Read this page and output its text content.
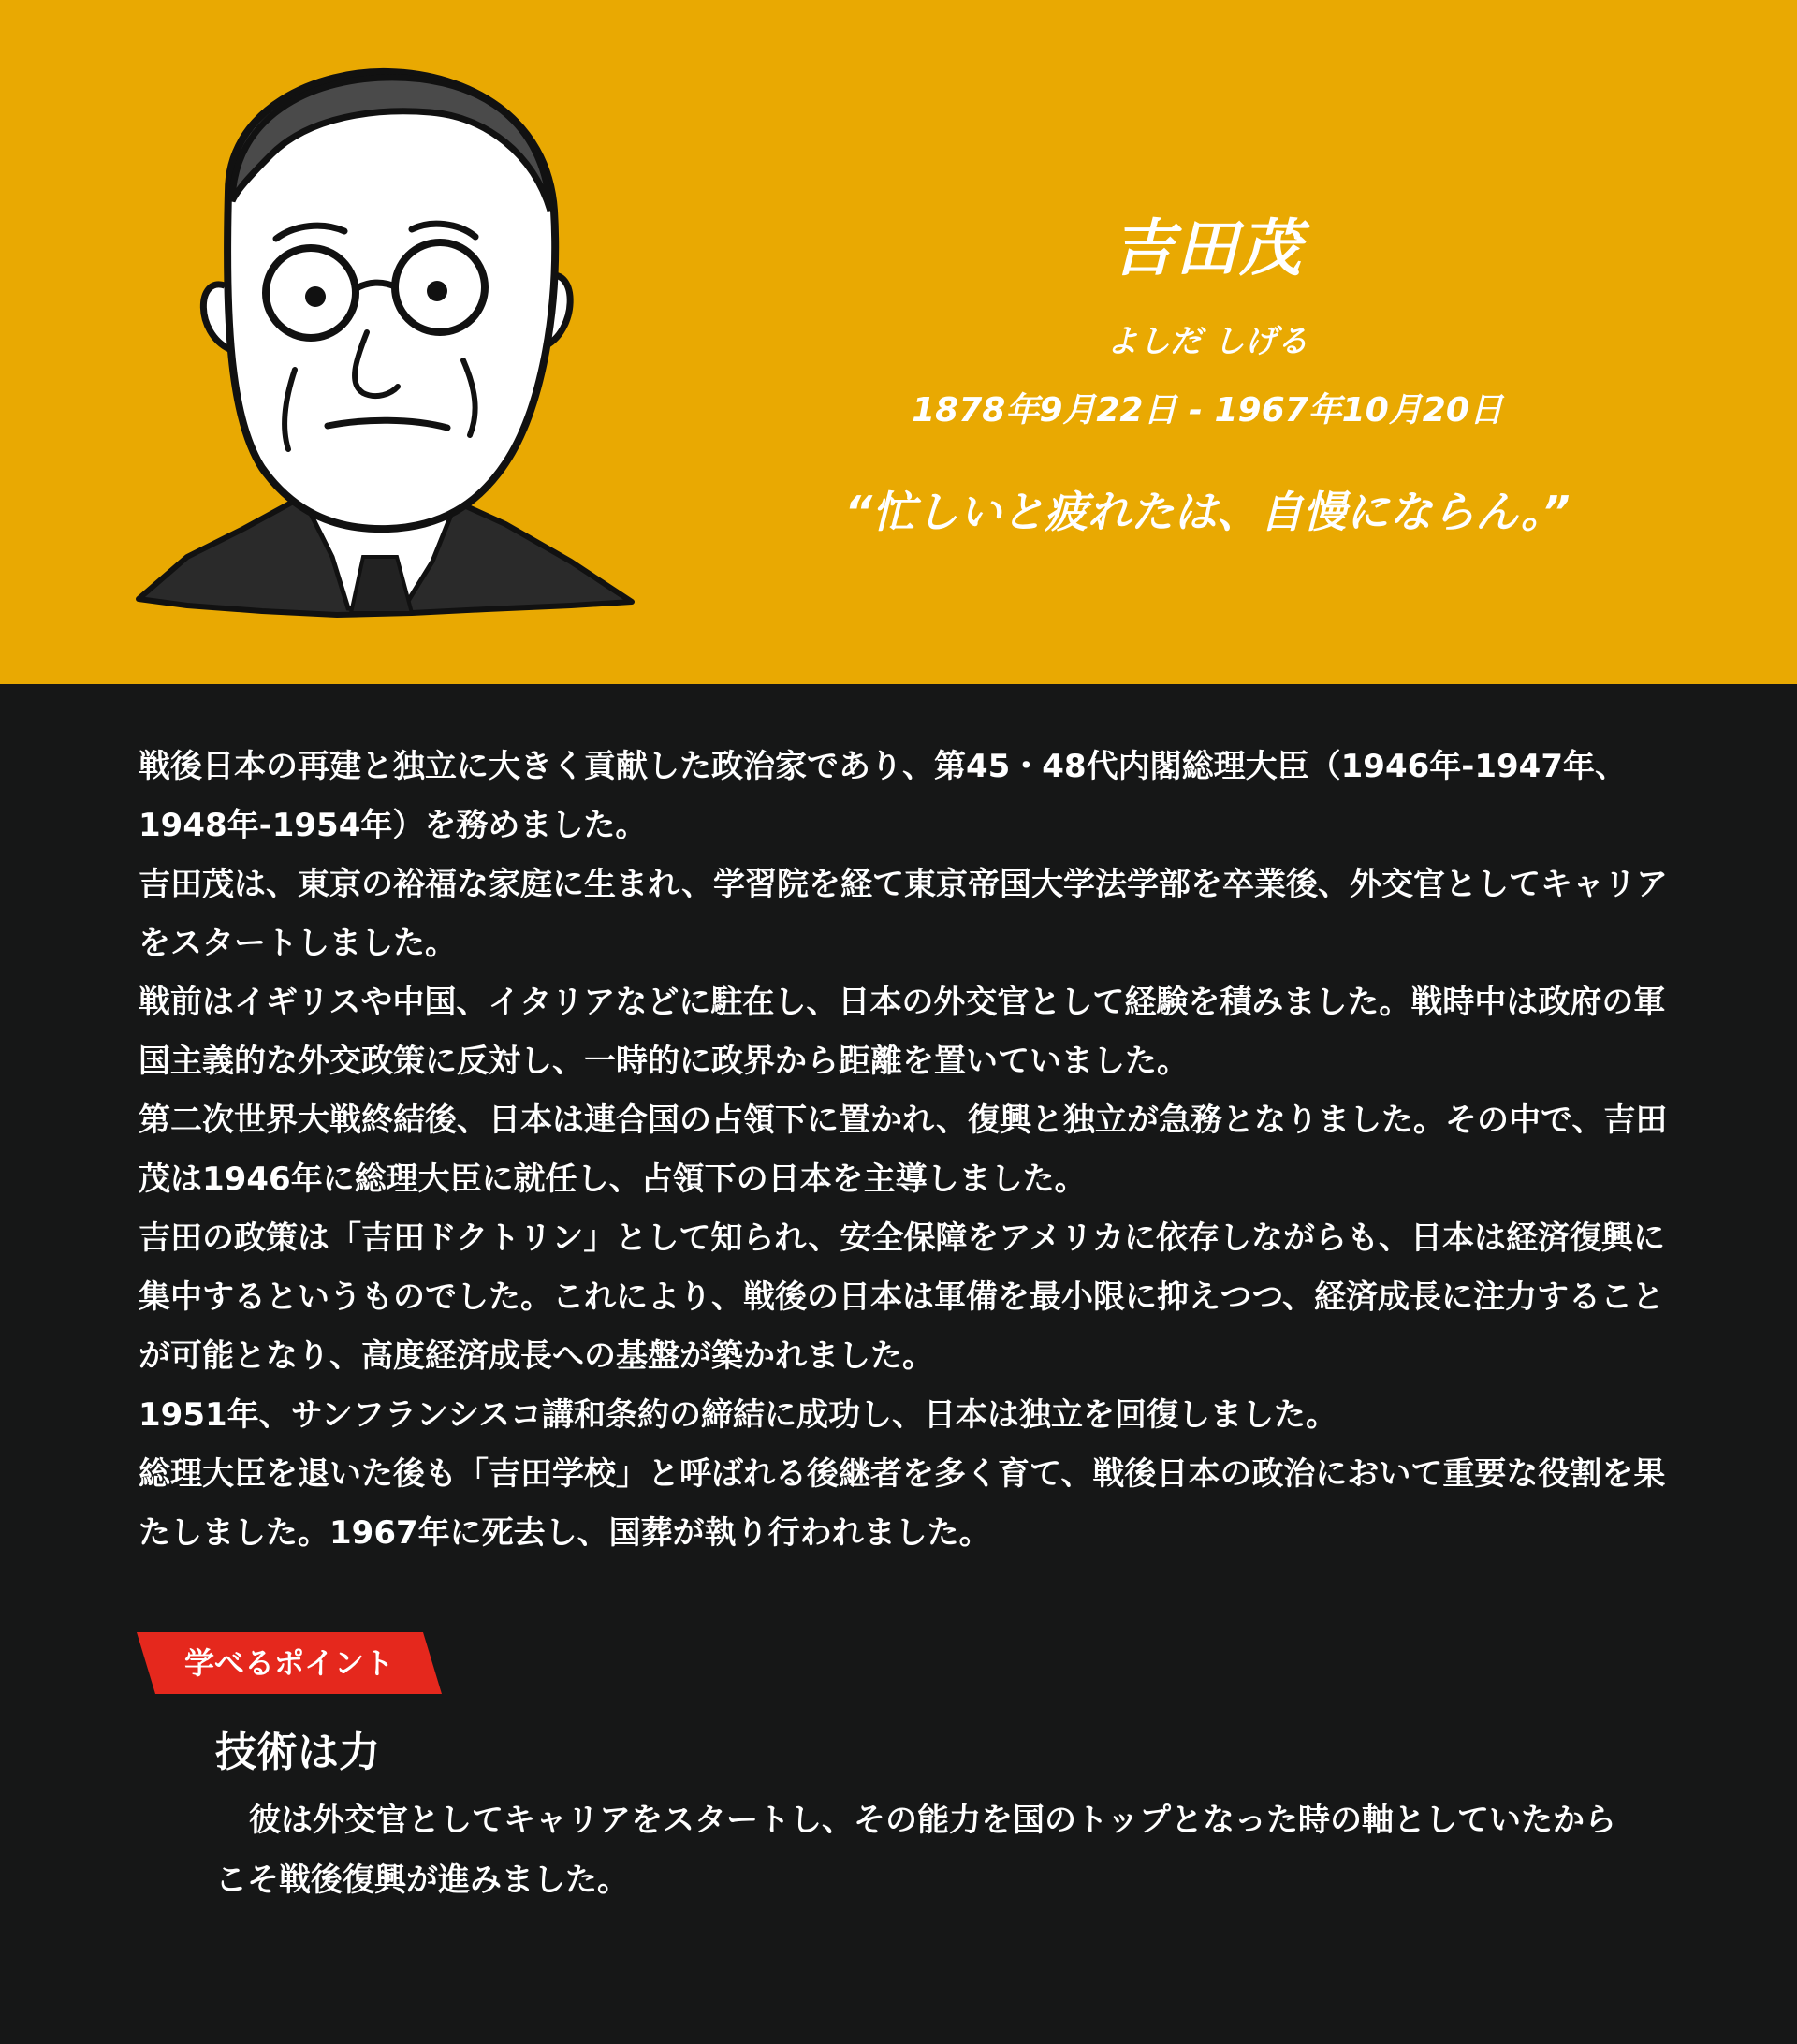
吉田茂
よしだ しげる
1878年9月22日 - 1967年10月20日
“忙しいと疲れたは、自慢にならん。”

戦後日本の再建と独立に大きく貢献した政治家であり、第45・48代内閣総理大臣（1946年-1947年、1948年-1954年）を務めました。

吉田茂は、東京の裕福な家庭に生まれ、学習院を経て東京帝国大学法学部を卒業後、外交官としてキャリアをスタートしました。

戦前はイギリスや中国、イタリアなどに駐在し、日本の外交官として経験を積みました。戦時中は政府の軍国主義的な外交政策に反対し、一時的に政界から距離を置いていました。

第二次世界大戦終結後、日本は連合国の占領下に置かれ、復興と独立が急務となりました。その中で、吉田茂は1946年に総理大臣に就任し、占領下の日本を主導しました。

吉田の政策は「吉田ドクトリン」として知られ、安全保障をアメリカに依存しながらも、日本は経済復興に集中するというものでした。これにより、戦後の日本は軍備を最小限に抑えつつ、経済成長に注力することが可能となり、高度経済成長への基盤が築かれました。

1951年、サンフランシスコ講和条約の締結に成功し、日本は独立を回復しました。

総理大臣を退いた後も「吉田学校」と呼ばれる後継者を多く育て、戦後日本の政治において重要な役割を果たしました。1967年に死去し、国葬が執り行われました。

学べるポイント
技術は力
彼は外交官としてキャリアをスタートし、その能力を国のトップとなった時の軸としていたからこそ戦後復興が進みました。
